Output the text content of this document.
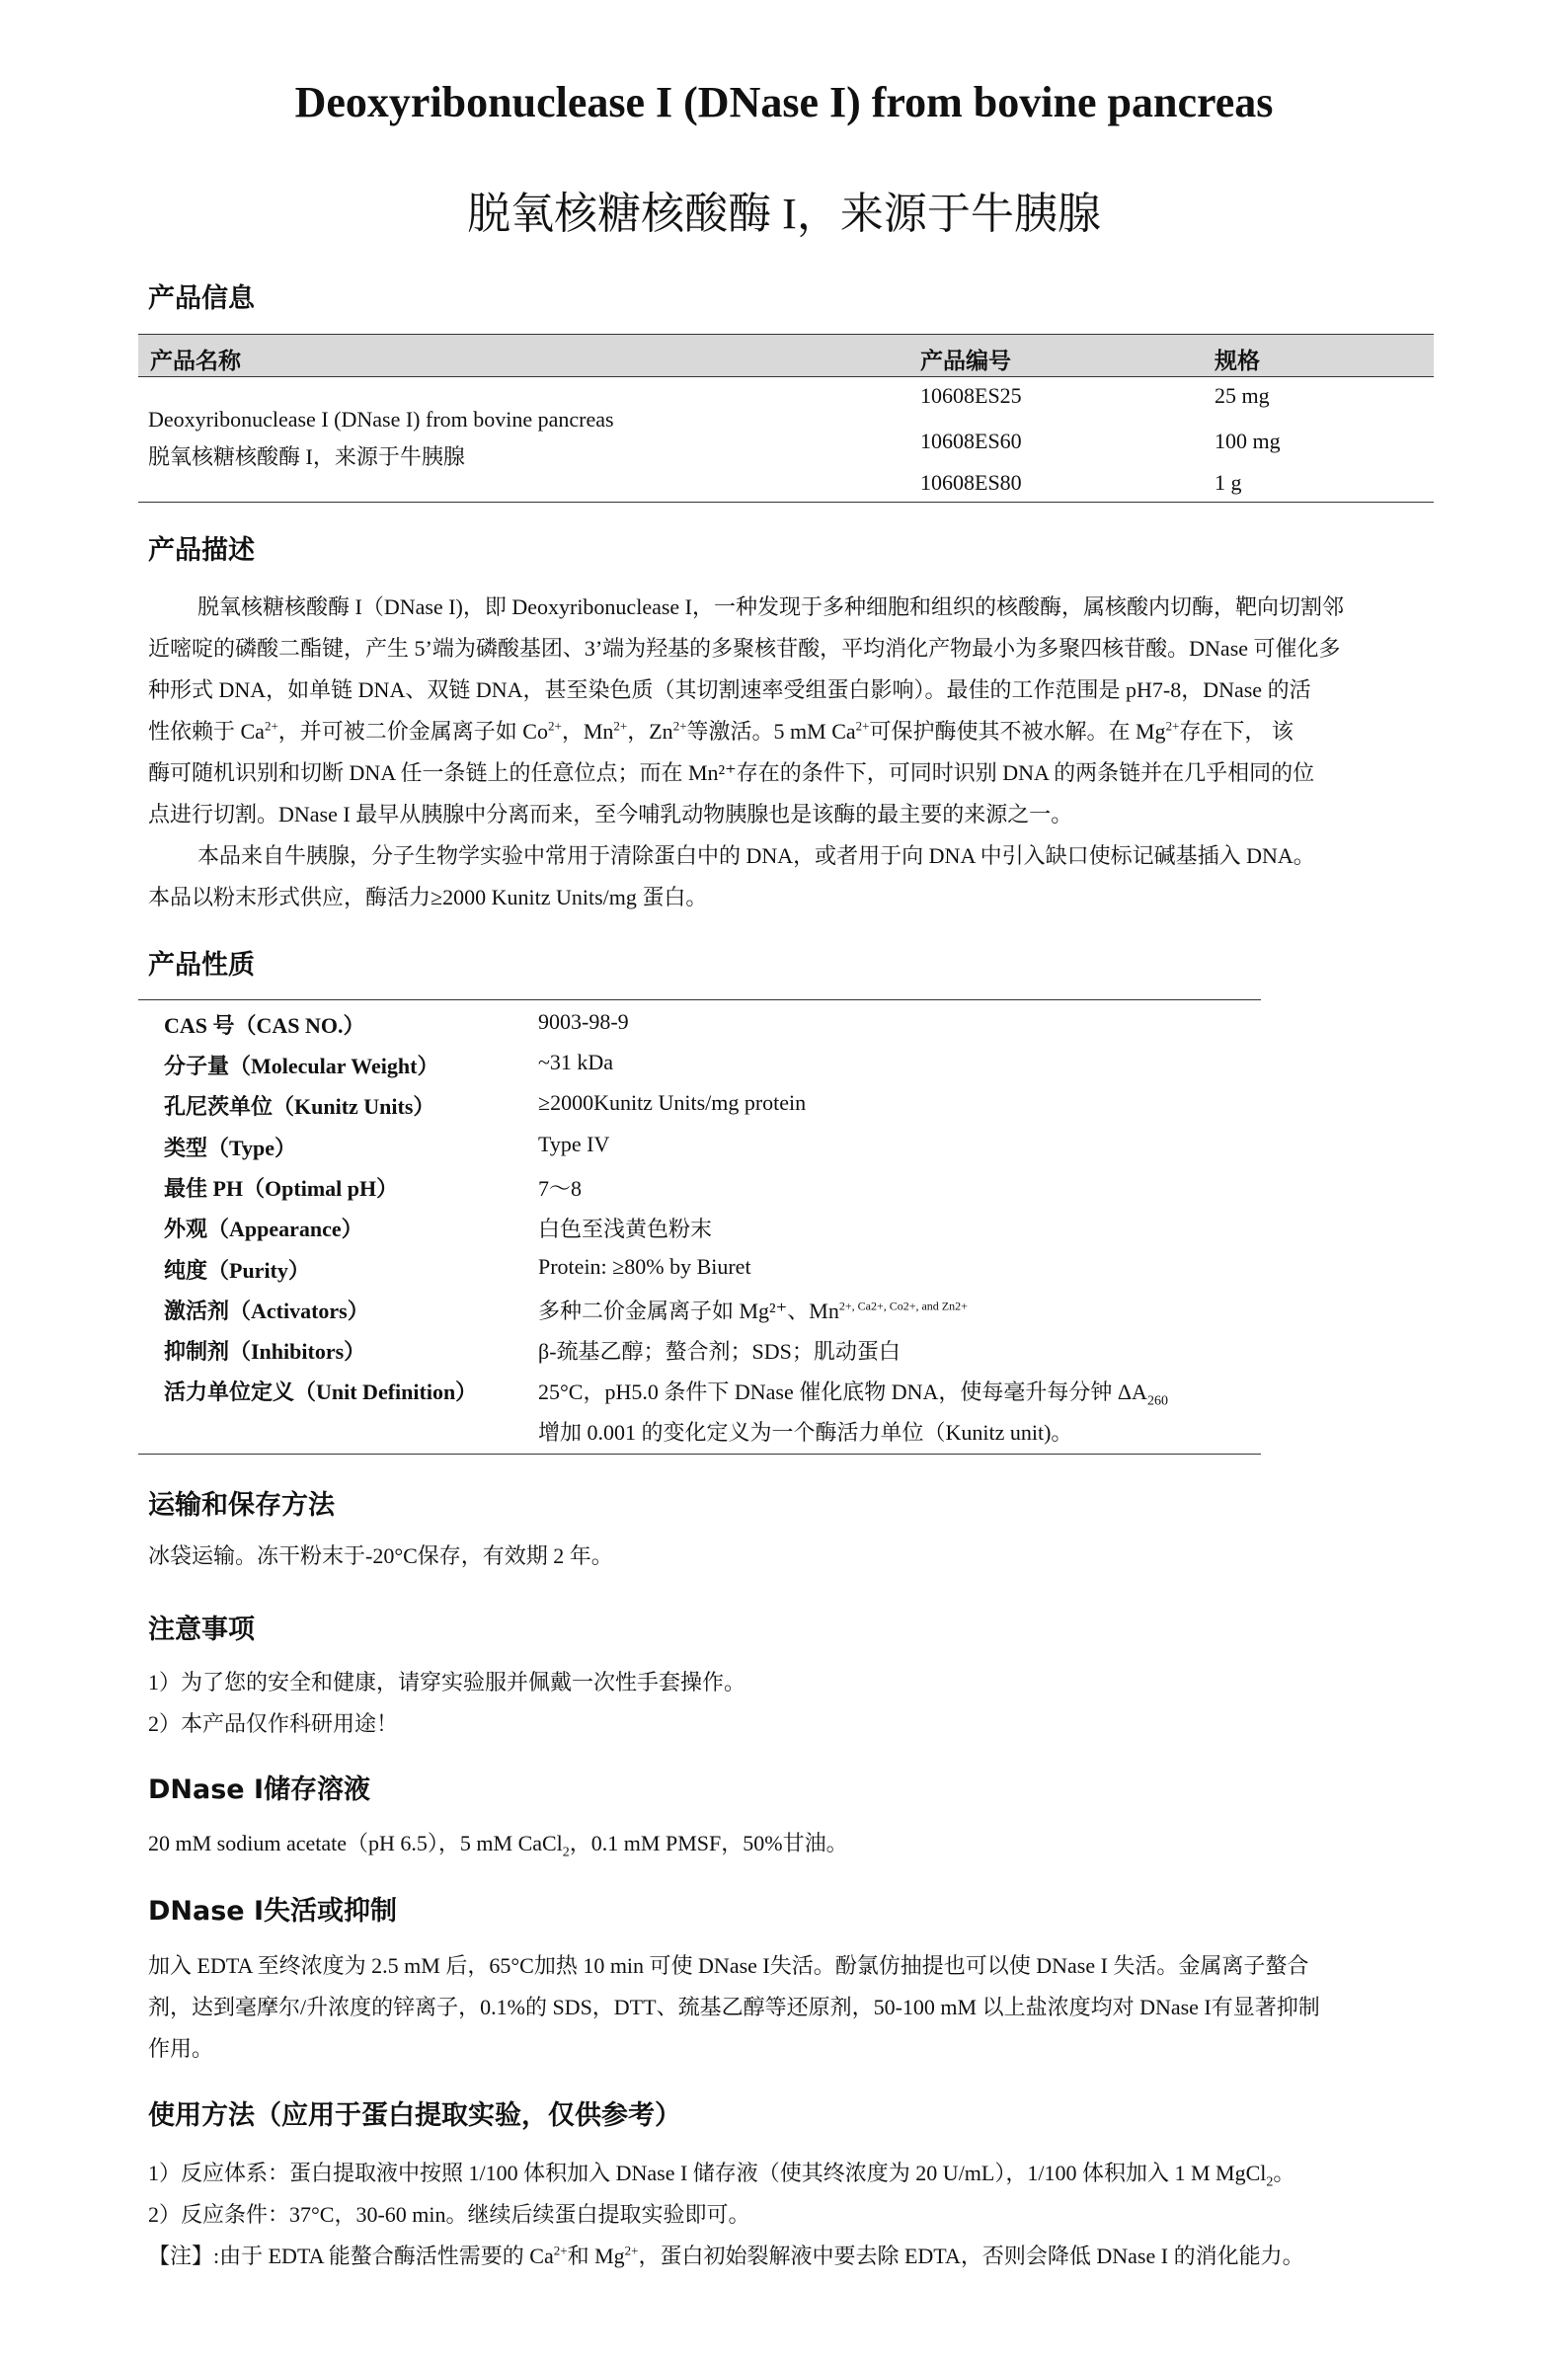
Deoxyribonuclease I (DNase I) from bovine pancreas
脱氧核糖核酸酶 I，来源于牛胰腺
产品信息
产品名称	产品编号	规格
Deoxyribonuclease I (DNase I) from bovine pancreas
脱氧核糖核酸酶 I，来源于牛胰腺
10608ES25	25 mg
10608ES60	100 mg
10608ES80	1 g
产品描述
脱氧核糖核酸酶 I（DNase I)，即 Deoxyribonuclease I，一种发现于多种细胞和组织的核酸酶，属核酸内切酶，靶向切割邻
近嘧啶的磷酸二酯键，产生 5’端为磷酸基团、3’端为羟基的多聚核苷酸，平均消化产物最小为多聚四核苷酸。DNase 可催化多
种形式 DNA，如单链 DNA、双链 DNA，甚至染色质（其切割速率受组蛋白影响）。最佳的工作范围是 pH7-8，DNase 的活
性依赖于 $Ca^{2+}$，并可被二价金属离子如 $Co^{2+}$，$Mn^{2+}$，$Zn^{2+}$等激活。5 mM $Ca^{2+}$可保护酶使其不被水解。在 $Mg^{2+}$存在下， 该
酶可随机识别和切断 DNA 任一条链上的任意位点；而在 Mn²⁺存在的条件下，可同时识别 DNA 的两条链并在几乎相同的位
点进行切割。DNase I 最早从胰腺中分离而来，至今哺乳动物胰腺也是该酶的最主要的来源之一。
本品来自牛胰腺，分子生物学实验中常用于清除蛋白中的 DNA，或者用于向 DNA 中引入缺口使标记碱基插入 DNA。
本品以粉末形式供应，酶活力≥2000 Kunitz Units/mg 蛋白。
产品性质
CAS 号（CAS NO.）	9003-98-9
分子量（Molecular Weight）	~31 kDa
孔尼茨单位（Kunitz Units）	≥2000Kunitz Units/mg protein
类型（Type）	Type IV
最佳 PH（Optimal pH）	7～8
外观（Appearance）	白色至浅黄色粉末
纯度（Purity）	Protein: ≥80% by Biuret
激活剂（Activators）	多种二价金属离子如 Mg²⁺、$Mn^{2+, Ca2+, Co2+, and Zn2+}$
抑制剂（Inhibitors）	β-巯基乙醇；螯合剂；SDS；肌动蛋白
活力单位定义（Unit Definition）	25°C，pH5.0 条件下 DNase 催化底物 DNA，使每毫升每分钟 $\Delta A_{260}$
增加 0.001 的变化定义为一个酶活力单位（Kunitz unit)。
运输和保存方法
冰袋运输。冻干粉末于-20°C保存，有效期 2 年。
注意事项
1）为了您的安全和健康，请穿实验服并佩戴一次性手套操作。
2）本产品仅作科研用途！
DNase I储存溶液
20 mM sodium acetate（pH 6.5），5 mM CaCl$_2$，0.1 mM PMSF，50%甘油。
DNase I失活或抑制
加入 EDTA 至终浓度为 2.5 mM 后，65°C加热 10 min 可使 DNase I失活。酚氯仿抽提也可以使 DNase I 失活。金属离子螯合
剂，达到毫摩尔/升浓度的锌离子，0.1%的 SDS，DTT、巯基乙醇等还原剂，50-100 mM 以上盐浓度均对 DNase I有显著抑制
作用。
使用方法（应用于蛋白提取实验，仅供参考）
1）反应体系：蛋白提取液中按照 1/100 体积加入 DNase I 储存液（使其终浓度为 20 U/mL），1/100 体积加入 1 M MgCl$_2$。
2）反应条件：37°C，30-60 min。继续后续蛋白提取实验即可。
【注】:由于 EDTA 能螯合酶活性需要的 $Ca^{2+}$和 $Mg^{2+}$，蛋白初始裂解液中要去除 EDTA，否则会降低 DNase I 的消化能力。
